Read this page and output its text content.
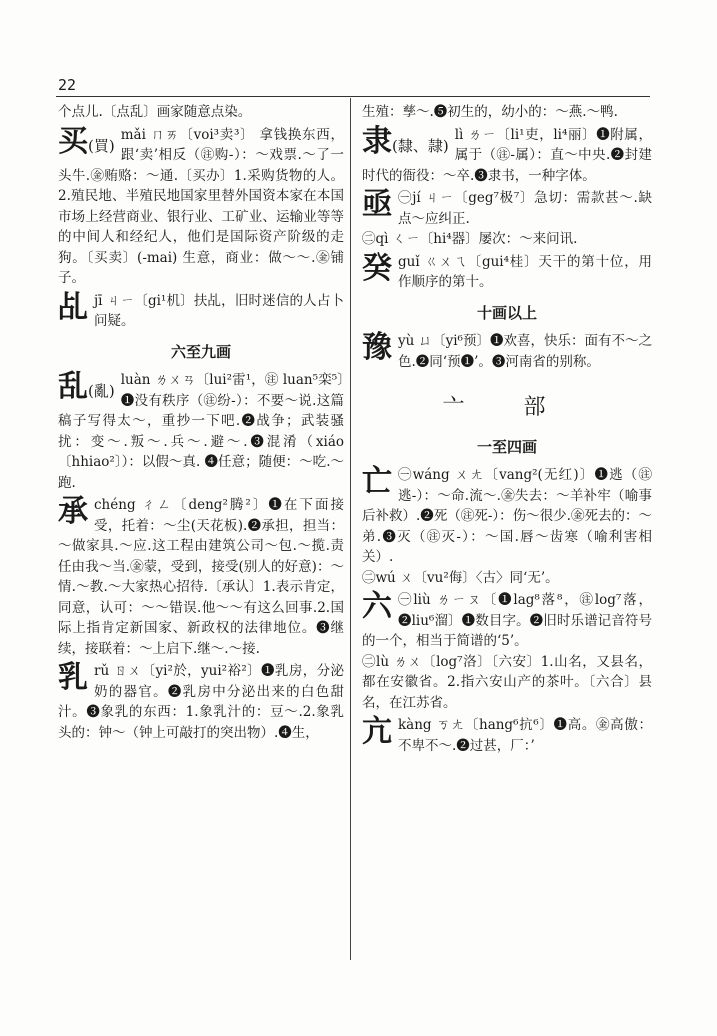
22

个点儿.〔点乱〕画家随意点染。

买(買)

mǎi ㄇㄞ〔voi³卖³〕 拿钱换东西，跟‘卖’相反（㊟购-）：～戏票.～了一头牛.㊎贿赂：～通.〔买办〕1.采购货物的人。2.殖民地、半殖民地国家里替外国资本家在本国市场上经营商业、银行业、工矿业、运输业等等的中间人和经纪人，他们是国际资产阶级的走狗。〔买卖〕(-mai) 生意，商业：做～～.㊎铺子。

乩 jī ㄐㄧ〔gi¹机〕扶乩，旧时迷信的人占卜问疑。

六至九画
乱(亂)

luàn ㄌㄨㄢ〔lui²雷¹，㊟ luan⁵栾⁵〕❶没有秩序（㊟纷-）：不要～说.这篇稿子写得太～，重抄一下吧.❷战争；武装骚扰：变～.叛～.兵～.避～.❸混淆（xiáo〔hhiao²〕）：以假～真. ❹任意；随便：～吃.～跑.

承 chéng ㄔㄥ〔deng²腾²〕❶在下面接受，托着：～尘(天花板).❷承担，担当：～做家具.～应.这工程由建筑公司～包.～揽.责任由我～当.㊎蒙，受到，接受(别人的好意)：～情.～教.～大家热心招待.〔承认〕1.表示肯定，同意，认可：～～错误.他～～有这么回事.2.国际上指肯定新国家、新政权的法律地位。❸继续，接联着：～上启下.继～.～接.

乳 rǔ ㄖㄨ〔yi²於，yui²裕²〕❶乳房，分泌奶的器官。❷乳房中分泌出来的白色甜汁。❸象乳的东西：1.象乳汁的：豆～.2.象乳头的：钟～（钟上可敲打的突出物）.❹生，

生殖：孳～.❺初生的，幼小的：～燕.～鸭.

隶(隸、隷)

lì ㄌㄧ〔li¹吏，li⁴丽〕❶附属，属于（㊟-属）：直～中央.❷封建时代的衙役：～卒.❸隶书，一种字体。

亟 ㊀jí ㄐㄧ〔geg⁷极⁷〕急切：需款甚～.缺点～应纠正.
㊁qì ㄑㄧ〔hi⁴器〕屡次：～来问讯.

癸 guǐ ㄍㄨㄟ〔gui⁴桂〕天干的第十位，用作顺序的第十。

十画以上
豫 yù ㄩ〔yi⁶预〕❶欢喜，快乐：面有不～之色.❷同‘预❶’。❸河南省的别称。

亠 部
一至四画
亡 ㊀wáng ㄨㄤ〔vang²(无红)〕❶逃（㊟逃-）：～命.流～.㊎失去：～羊补牢（喻事后补救）.❷死（㊟死-）：伤～很少.㊎死去的：～弟.❸灭（㊟灭-）：～国.唇～齿寒（喻利害相关）.
㊁wú ㄨ〔vu²侮〕〈古〉同‘无’。

六 ㊀liù ㄌㄧㄡ〔❶lag⁸落⁸，㊟log⁷落，❷liu⁶溜〕❶数目字。❷旧时乐谱记音符号的一个，相当于简谱的‘5’。
㊁lù ㄌㄨ〔log⁷洛〕〔六安〕1.山名，又县名，都在安徽省。2.指六安山产的茶叶。〔六合〕县名，在江苏省。

亢 kàng ㄎㄤ〔hang⁶抗⁶〕❶高。㊎高傲：不卑不～.❷过甚，厂：’
